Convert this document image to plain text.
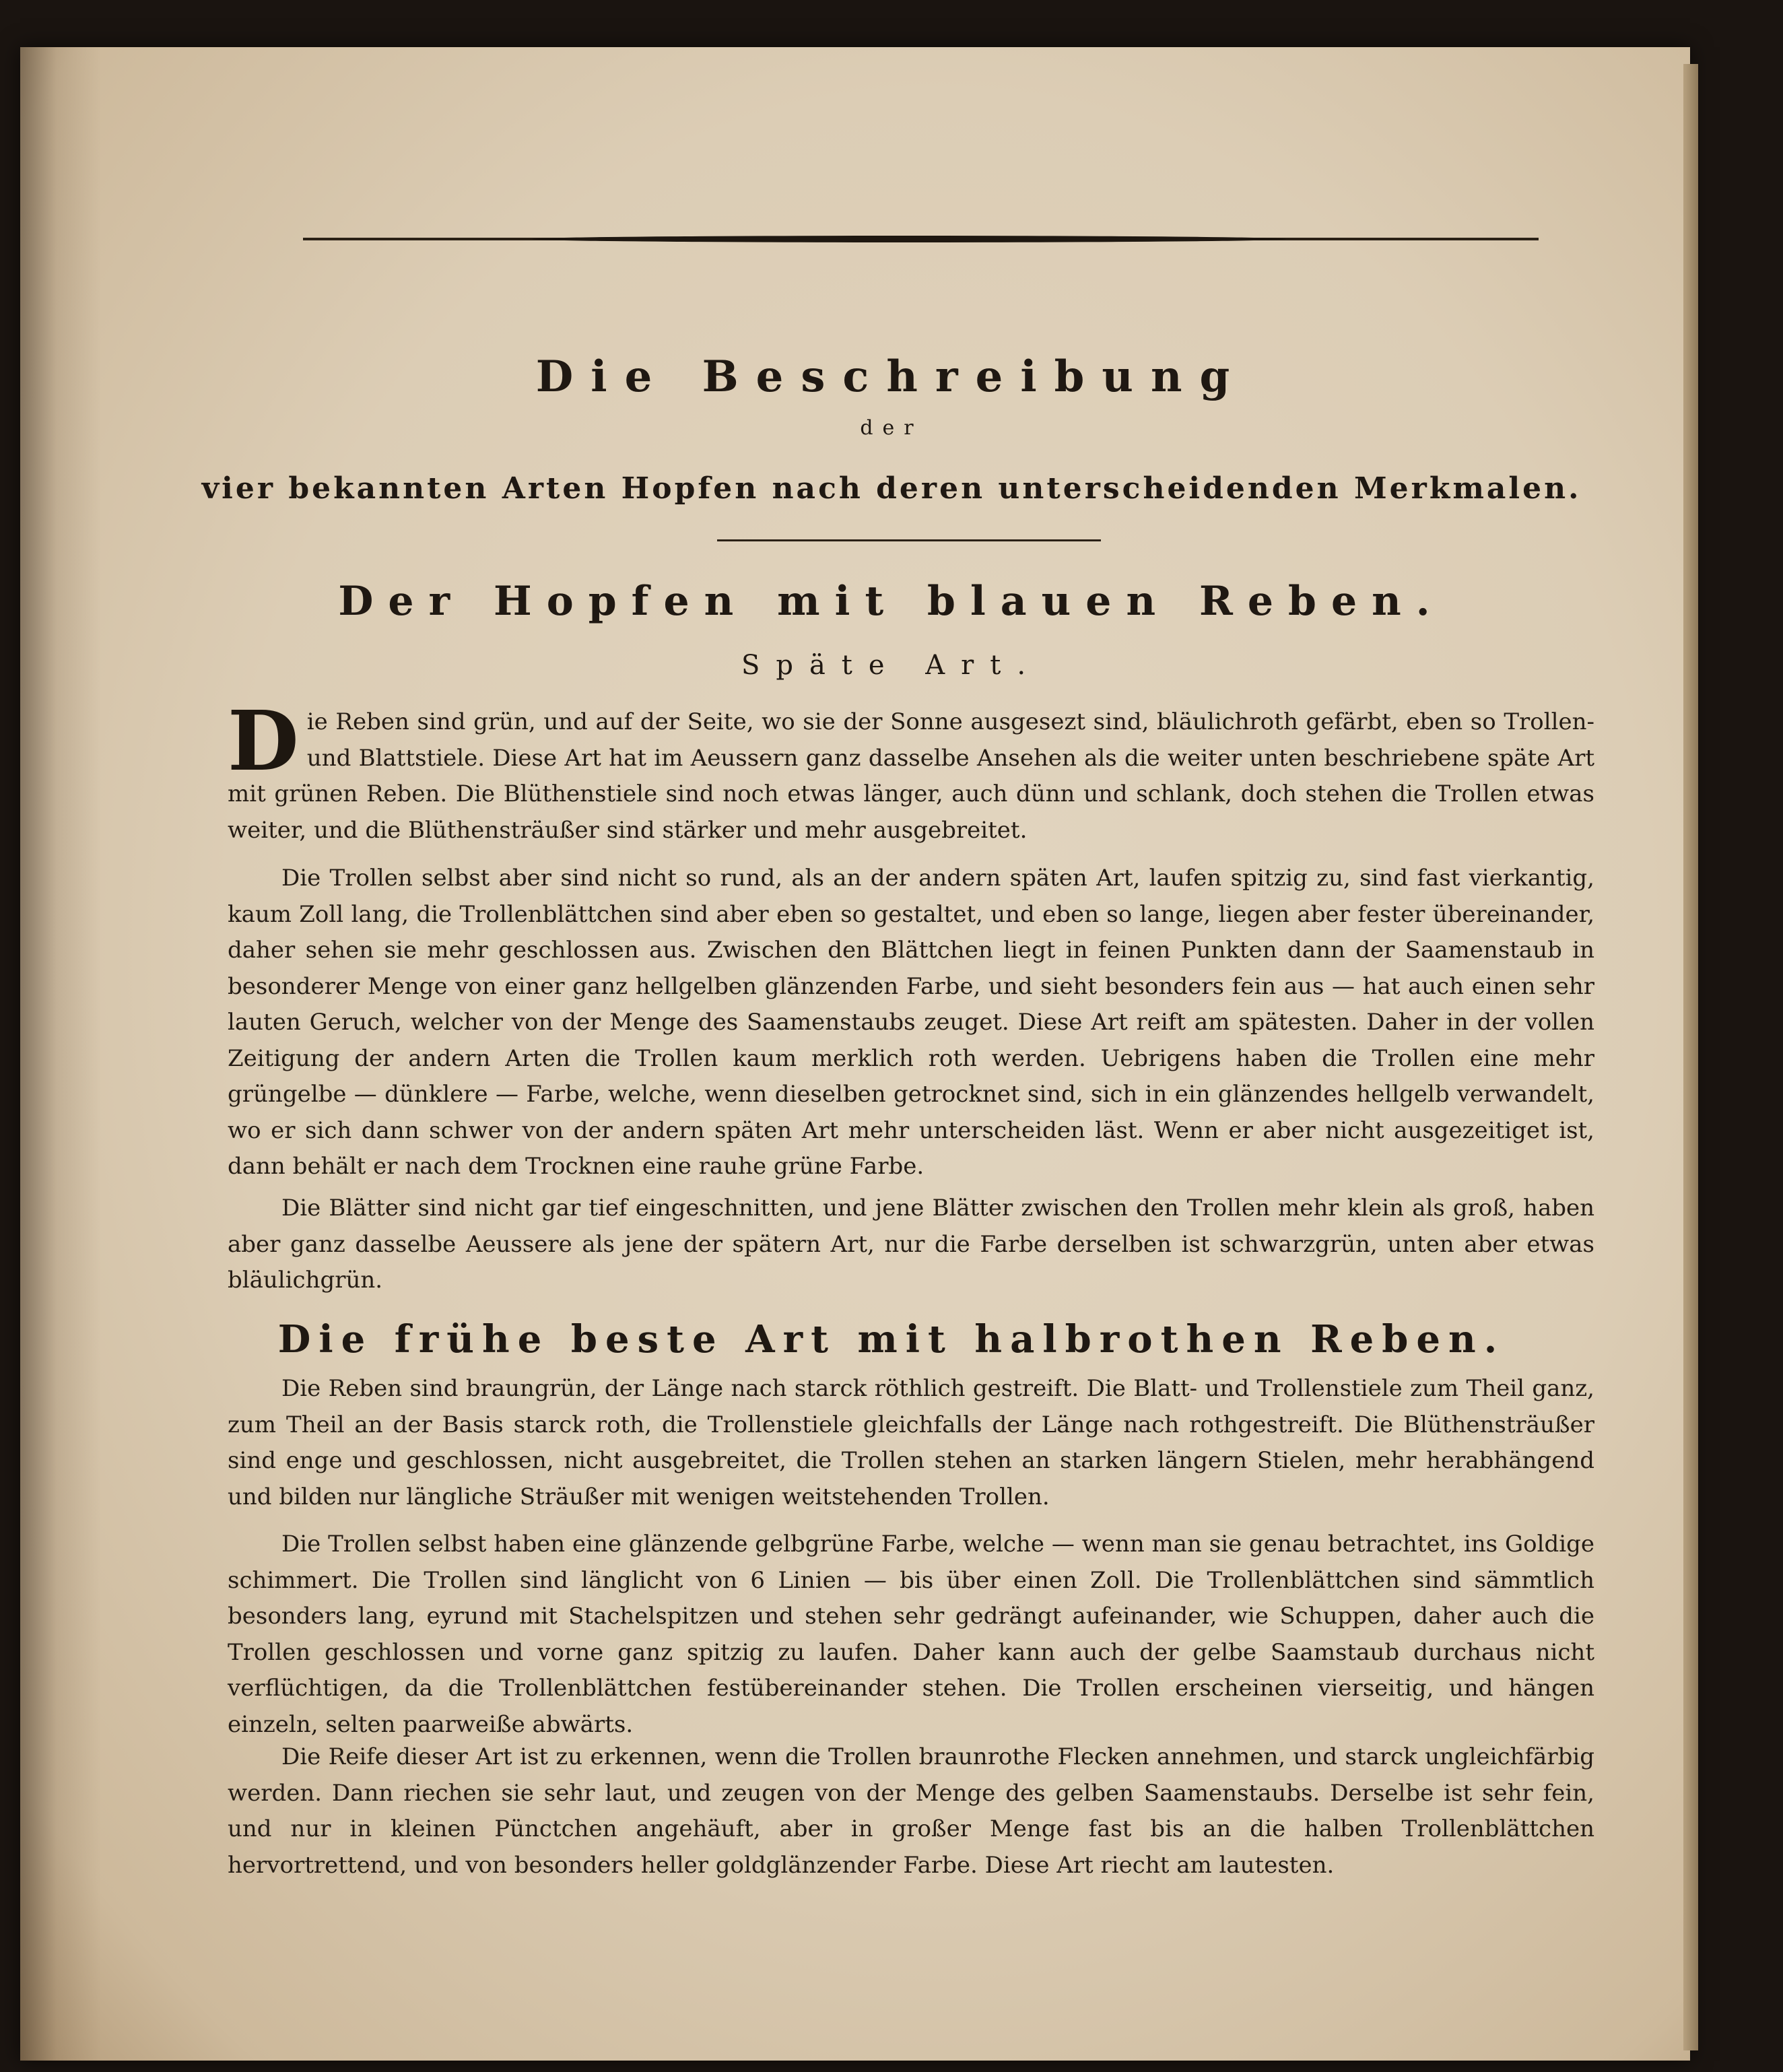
Die Beschreibung
der
vier bekannten Arten Hopfen nach deren unterscheidenden Merkmalen.
Der Hopfen mit blauen Reben.
Späte Art.
Die Reben sind grün, und auf der Seite, wo sie der Sonne ausgesezt sind, bläulichroth gefärbt, eben so Trollen- und Blattstiele. Diese Art hat im Aeussern ganz dasselbe Ansehen als die weiter unten beschriebene späte Art mit grünen Reben. Die Blüthenstiele sind noch etwas länger, auch dünn und schlank, doch stehen die Trollen etwas weiter, und die Blüthensträußer sind stärker und mehr ausgebreitet.
Die Trollen selbst aber sind nicht so rund, als an der andern späten Art, laufen spitzig zu, sind fast vierkantig, kaum Zoll lang, die Trollenblättchen sind aber eben so gestaltet, und eben so lange, liegen aber fester übereinander, daher sehen sie mehr geschlossen aus. Zwischen den Blättchen liegt in feinen Punkten dann der Saamenstaub in besonderer Menge von einer ganz hellgelben glänzenden Farbe, und sieht besonders fein aus — hat auch einen sehr lauten Geruch, welcher von der Menge des Saamenstaubs zeuget. Diese Art reift am spätesten. Daher in der vollen Zeitigung der andern Arten die Trollen kaum merklich roth werden. Uebrigens haben die Trollen eine mehr grüngelbe — dünklere — Farbe, welche, wenn dieselben getrocknet sind, sich in ein glänzendes hellgelb verwandelt, wo er sich dann schwer von der andern späten Art mehr unterscheiden läst. Wenn er aber nicht ausgezeitiget ist, dann behält er nach dem Trocknen eine rauhe grüne Farbe.
Die Blätter sind nicht gar tief eingeschnitten, und jene Blätter zwischen den Trollen mehr klein als groß, haben aber ganz dasselbe Aeussere als jene der spätern Art, nur die Farbe derselben ist schwarzgrün, unten aber etwas bläulichgrün.
Die frühe beste Art mit halbrothen Reben.
Die Reben sind braungrün, der Länge nach starck röthlich gestreift. Die Blatt- und Trollenstiele zum Theil ganz, zum Theil an der Basis starck roth, die Trollenstiele gleichfalls der Länge nach rothgestreift. Die Blüthensträußer sind enge und geschlossen, nicht ausgebreitet, die Trollen stehen an starken längern Stielen, mehr herabhängend und bilden nur längliche Sträußer mit wenigen weitstehenden Trollen.
Die Trollen selbst haben eine glänzende gelbgrüne Farbe, welche — wenn man sie genau betrachtet, ins Goldige schimmert. Die Trollen sind länglicht von 6 Linien — bis über einen Zoll. Die Trollenblättchen sind sämmtlich besonders lang, eyrund mit Stachelspitzen und stehen sehr gedrängt aufeinander, wie Schuppen, daher auch die Trollen geschlossen und vorne ganz spitzig zu laufen. Daher kann auch der gelbe Saamstaub durchaus nicht verflüchtigen, da die Trollenblättchen festübereinander stehen. Die Trollen erscheinen vierseitig, und hängen einzeln, selten paarweiße abwärts.
Die Reife dieser Art ist zu erkennen, wenn die Trollen braunrothe Flecken annehmen, und starck ungleichfärbig werden. Dann riechen sie sehr laut, und zeugen von der Menge des gelben Saamenstaubs. Derselbe ist sehr fein, und nur in kleinen Pünctchen angehäuft, aber in großer Menge fast bis an die halben Trollenblättchen hervortrettend, und von besonders heller goldglänzender Farbe. Diese Art riecht am lautesten.
